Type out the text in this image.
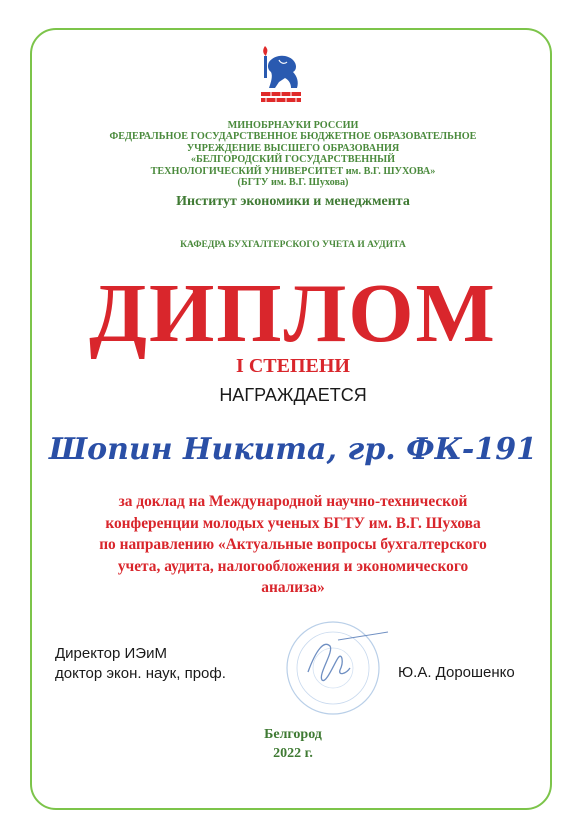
МИНОБРНАУКИ РОССИИ
ФЕДЕРАЛЬНОЕ ГОСУДАРСТВЕННОЕ БЮДЖЕТНОЕ ОБРАЗОВАТЕЛЬНОЕ
УЧРЕЖДЕНИЕ ВЫСШЕГО ОБРАЗОВАНИЯ
«БЕЛГОРОДСКИЙ ГОСУДАРСТВЕННЫЙ
ТЕХНОЛОГИЧЕСКИЙ УНИВЕРСИТЕТ им. В.Г. ШУХОВА»
(БГТУ им. В.Г. Шухова)

Институт экономики и менеджмента

КАФЕДРА БУХГАЛТЕРСКОГО УЧЕТА И АУДИТА

ДИПЛОМ

I СТЕПЕНИ

НАГРАЖДАЕТСЯ

Шопин Никита, гр. ФК-191

за доклад на Международной научно-технической
конференции молодых ученых БГТУ им. В.Г. Шухова
по направлению «Актуальные вопросы бухгалтерского
учета, аудита, налогообложения и экономического
анализа»
Директор ИЭиМ
доктор экон. наук, проф.	Ю.А. Дорошенко
Белгород
2022 г.
